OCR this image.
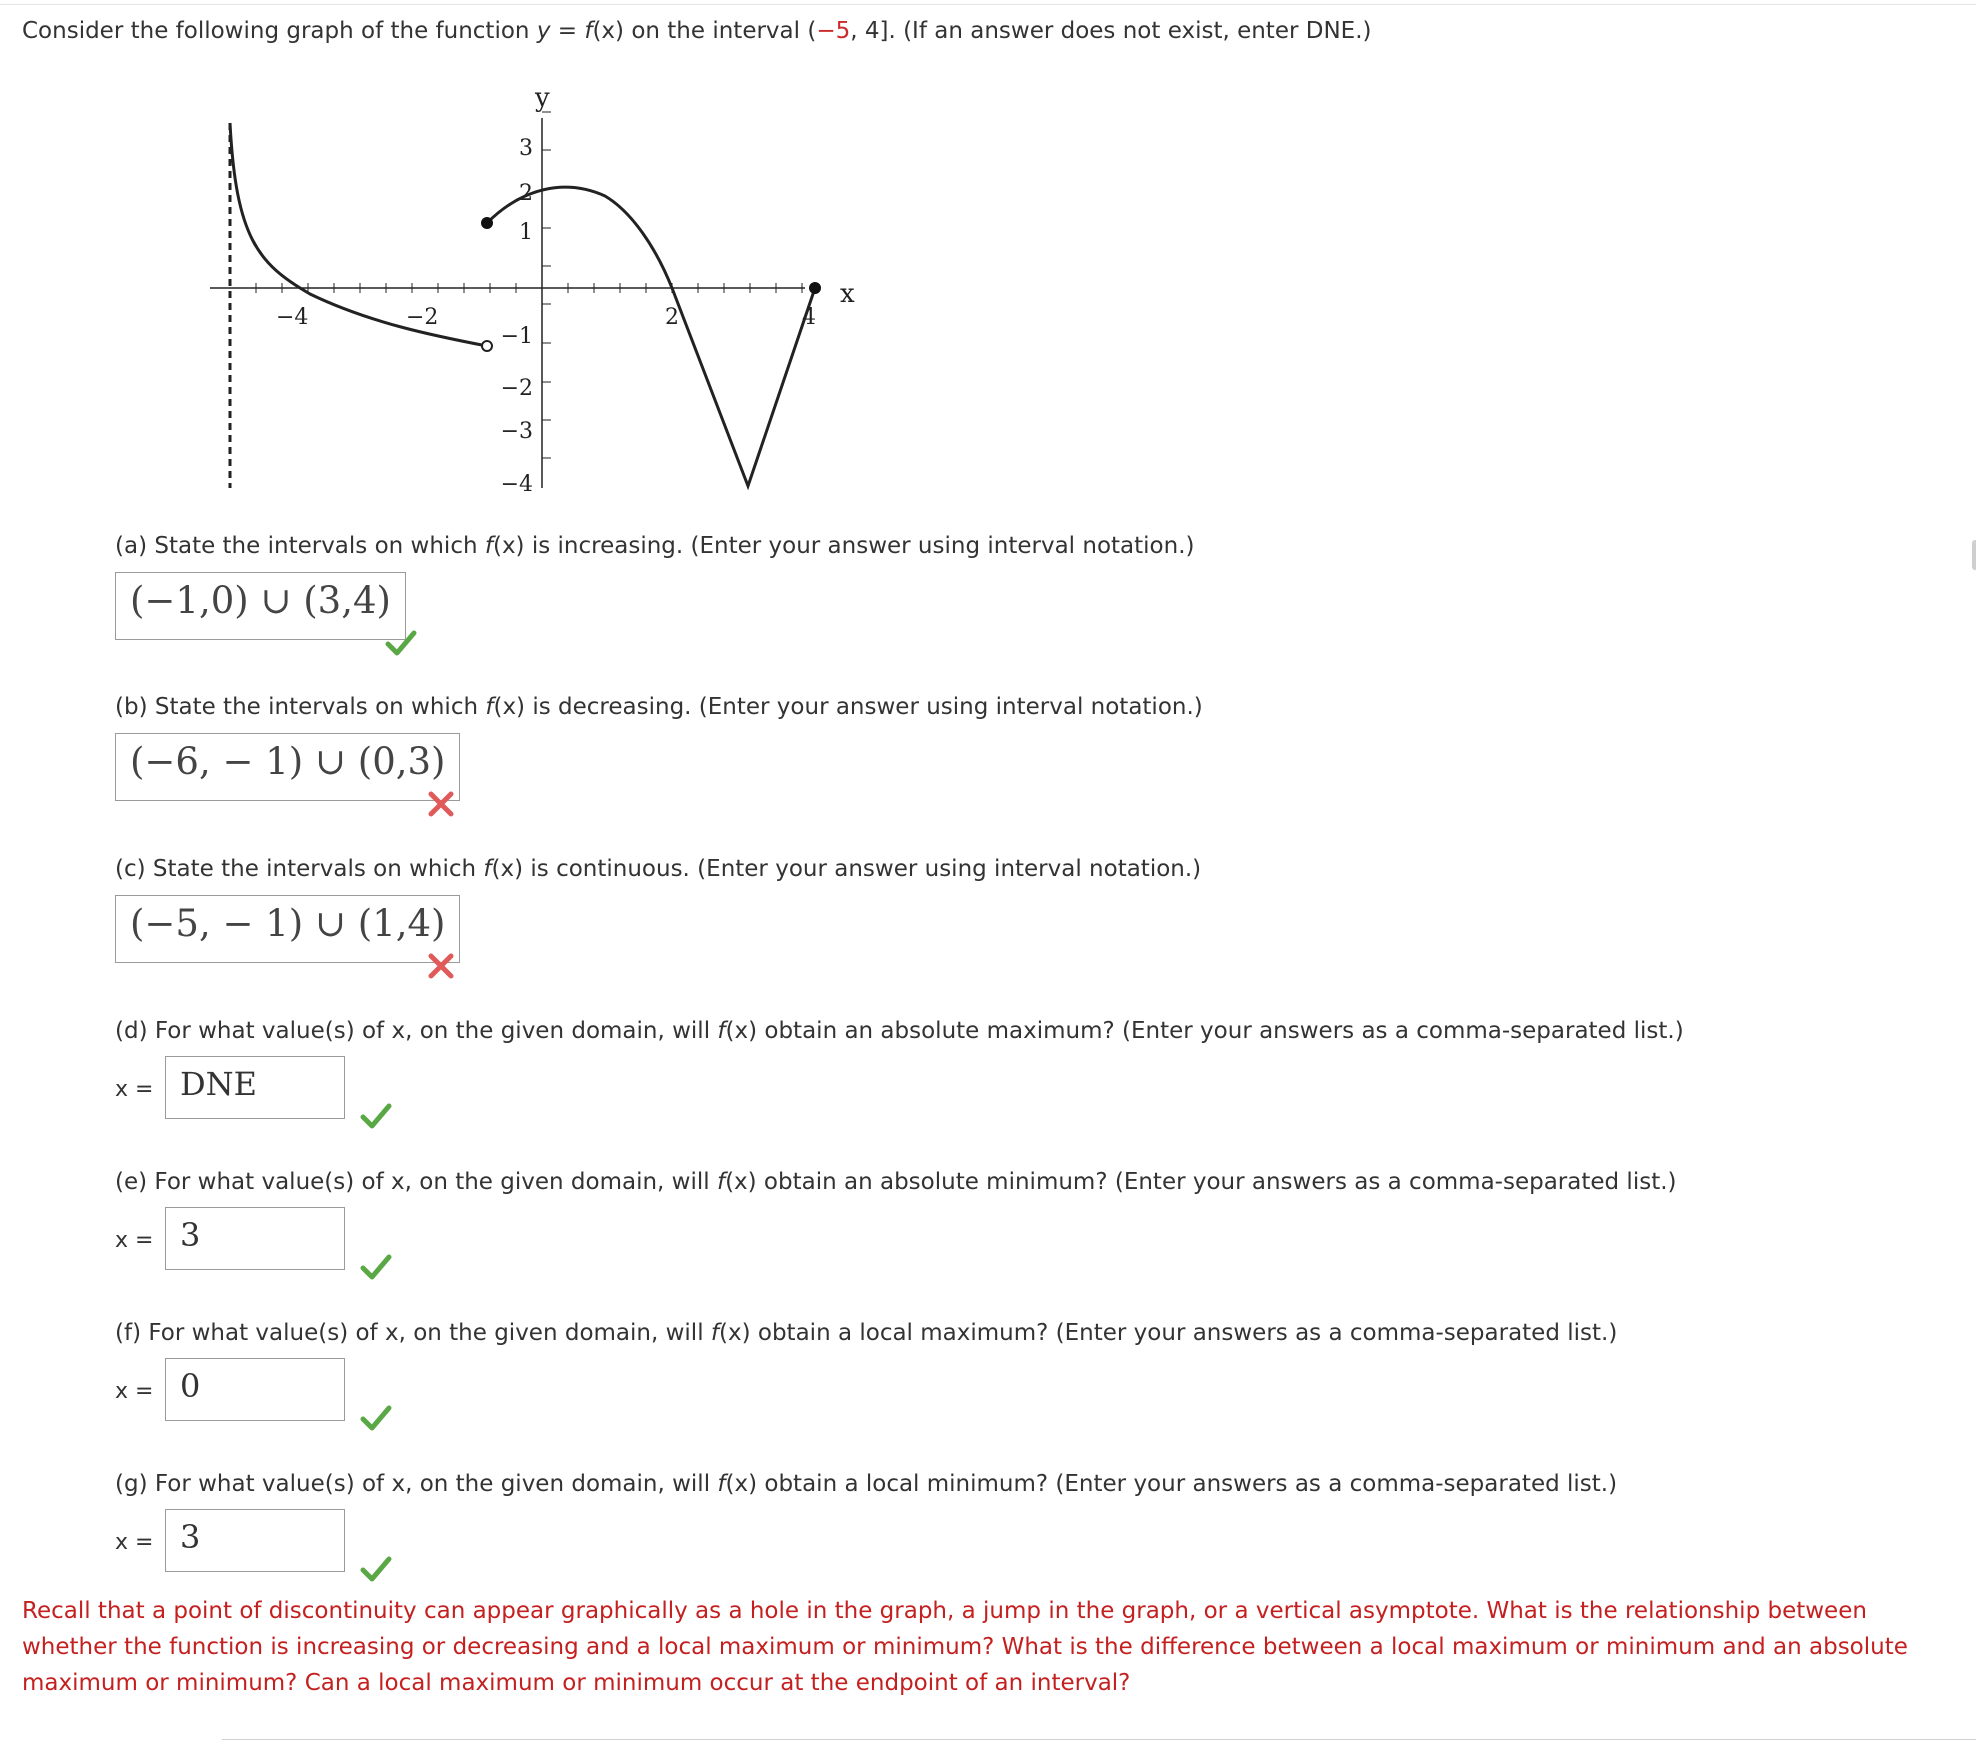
Consider the following graph of the function y = f(x) on the interval (−5, 4]. (If an answer does not exist, enter DNE.)
y
x
−4	−2	2	4
3
2
1
−1
−2
−3
−4
(a) State the intervals on which f(x) is increasing. (Enter your answer using interval notation.)
(−1,0) ∪ (3,4)
(b) State the intervals on which f(x) is decreasing. (Enter your answer using interval notation.)
(−6, − 1) ∪ (0,3)
(c) State the intervals on which f(x) is continuous. (Enter your answer using interval notation.)
(−5, − 1) ∪ (1,4)
(d) For what value(s) of x, on the given domain, will f(x) obtain an absolute maximum? (Enter your answers as a comma-separated list.)
x = DNE
(e) For what value(s) of x, on the given domain, will f(x) obtain an absolute minimum? (Enter your answers as a comma-separated list.)
x = 3
(f) For what value(s) of x, on the given domain, will f(x) obtain a local maximum? (Enter your answers as a comma-separated list.)
x = 0
(g) For what value(s) of x, on the given domain, will f(x) obtain a local minimum? (Enter your answers as a comma-separated list.)
x = 3
Recall that a point of discontinuity can appear graphically as a hole in the graph, a jump in the graph, or a vertical asymptote. What is the relationship between whether the function is increasing or decreasing and a local maximum or minimum? What is the difference between a local maximum or minimum and an absolute maximum or minimum? Can a local maximum or minimum occur at the endpoint of an interval?
